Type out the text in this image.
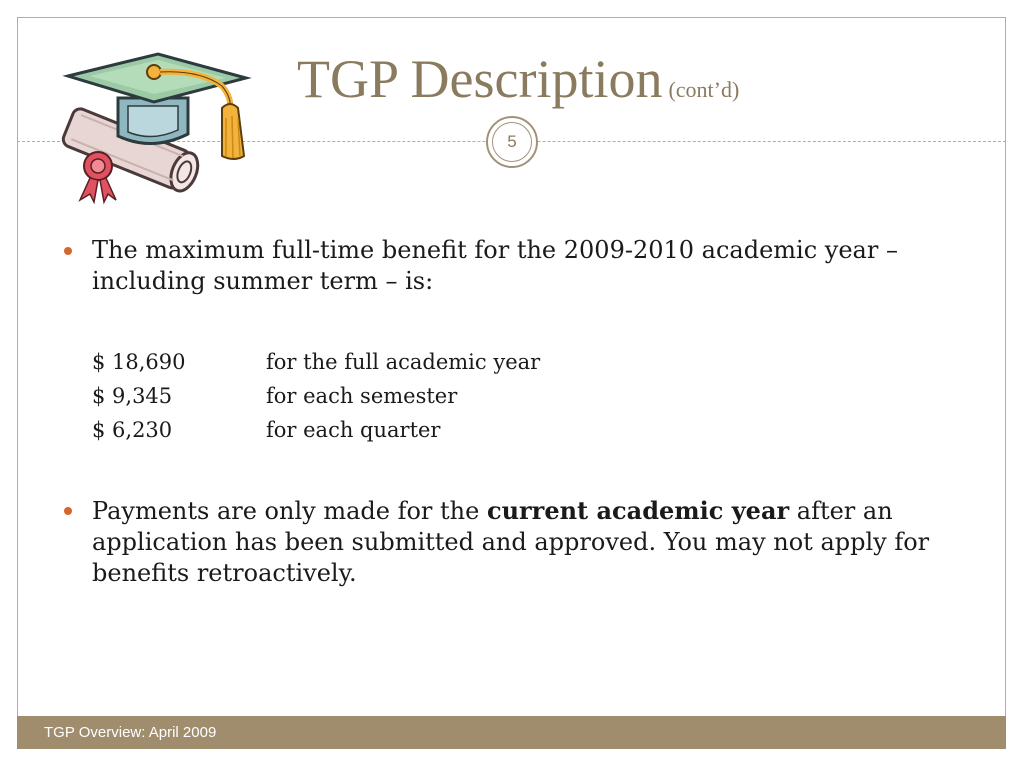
TGP Description (cont’d)
5
The maximum full-time benefit for the 2009-2010 academic year – including summer term – is:
$ 18,690	for the full academic year
$ 9,345	for each semester
$ 6,230	for each quarter
Payments are only made for the current academic year after an application has been submitted and approved. You may not apply for benefits retroactively.
TGP Overview: April 2009
